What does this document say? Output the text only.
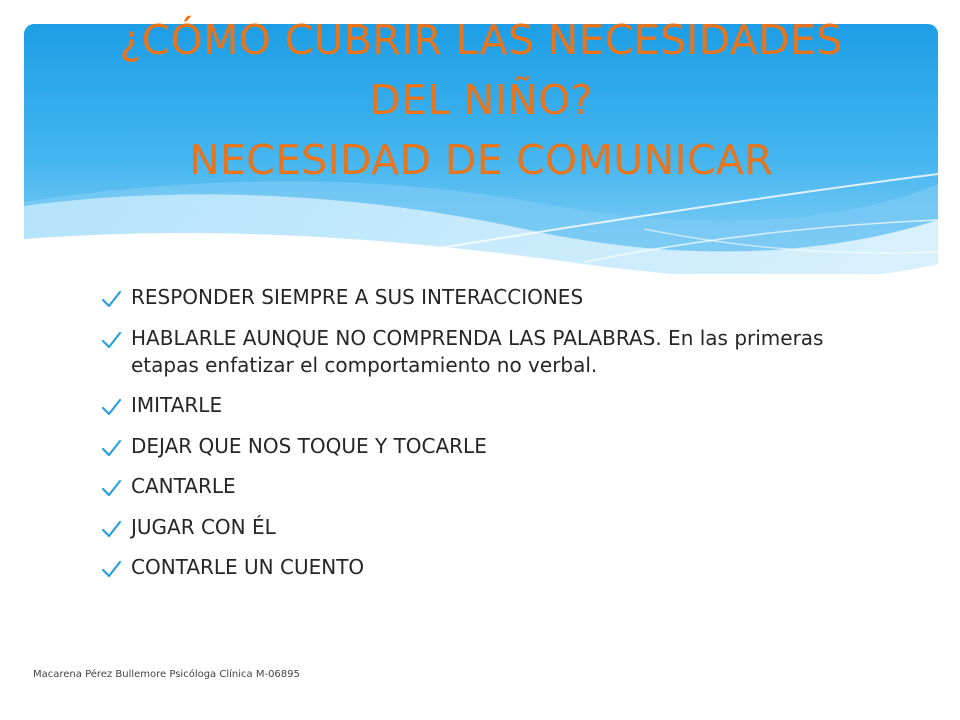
¿CÓMO CUBRIR LAS NECESIDADES
DEL NIÑO?
NECESIDAD DE COMUNICAR
RESPONDER SIEMPRE A SUS INTERACCIONES
HABLARLE AUNQUE NO COMPRENDA LAS PALABRAS. En las primeras etapas enfatizar el comportamiento no verbal.
IMITARLE
DEJAR QUE NOS TOQUE Y TOCARLE
CANTARLE
JUGAR CON ÉL
CONTARLE UN CUENTO
Macarena Pérez Bullemore Psicóloga Clínica M-06895
